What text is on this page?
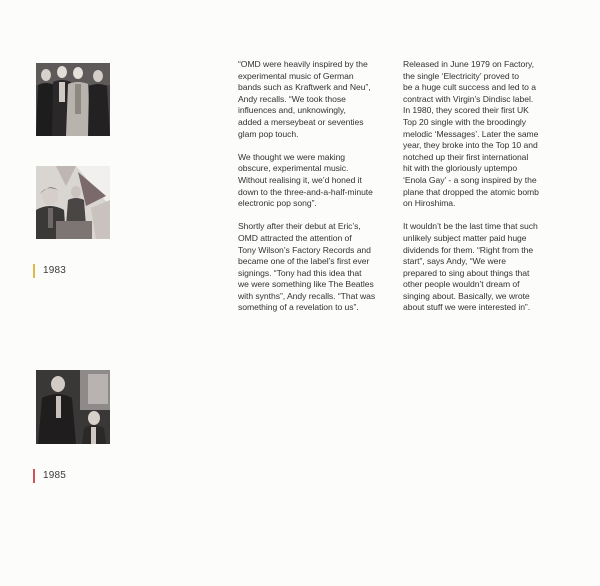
1983
1985

“OMD were heavily inspired by the
experimental music of German
bands such as Kraftwerk and Neu”,
Andy recalls. “We took those
influences and, unknowingly,
added a merseybeat or seventies
glam pop touch.

We thought we were making
obscure, experimental music.
Without realising it, we’d honed it
down to the three-and-a-half-minute
electronic pop song”.

Shortly after their debut at Eric’s,
OMD attracted the attention of
Tony Wilson’s Factory Records and
became one of the label’s first ever
signings. “Tony had this idea that
we were something like The Beatles
with synths”, Andy recalls. “That was
something of a revelation to us”.

Released in June 1979 on Factory,
the single ‘Electricity’ proved to
be a huge cult success and led to a
contract with Virgin’s Dindisc label.
In 1980, they scored their first UK
Top 20 single with the broodingly
melodic ‘Messages’. Later the same
year, they broke into the Top 10 and
notched up their first international
hit with the gloriously uptempo
‘Enola Gay’ - a song inspired by the
plane that dropped the atomic bomb
on Hiroshima.

It wouldn’t be the last time that such
unlikely subject matter paid huge
dividends for them. “Right from the
start”, says Andy, “We were
prepared to sing about things that
other people wouldn’t dream of
singing about. Basically, we wrote
about stuff we were interested in”.
